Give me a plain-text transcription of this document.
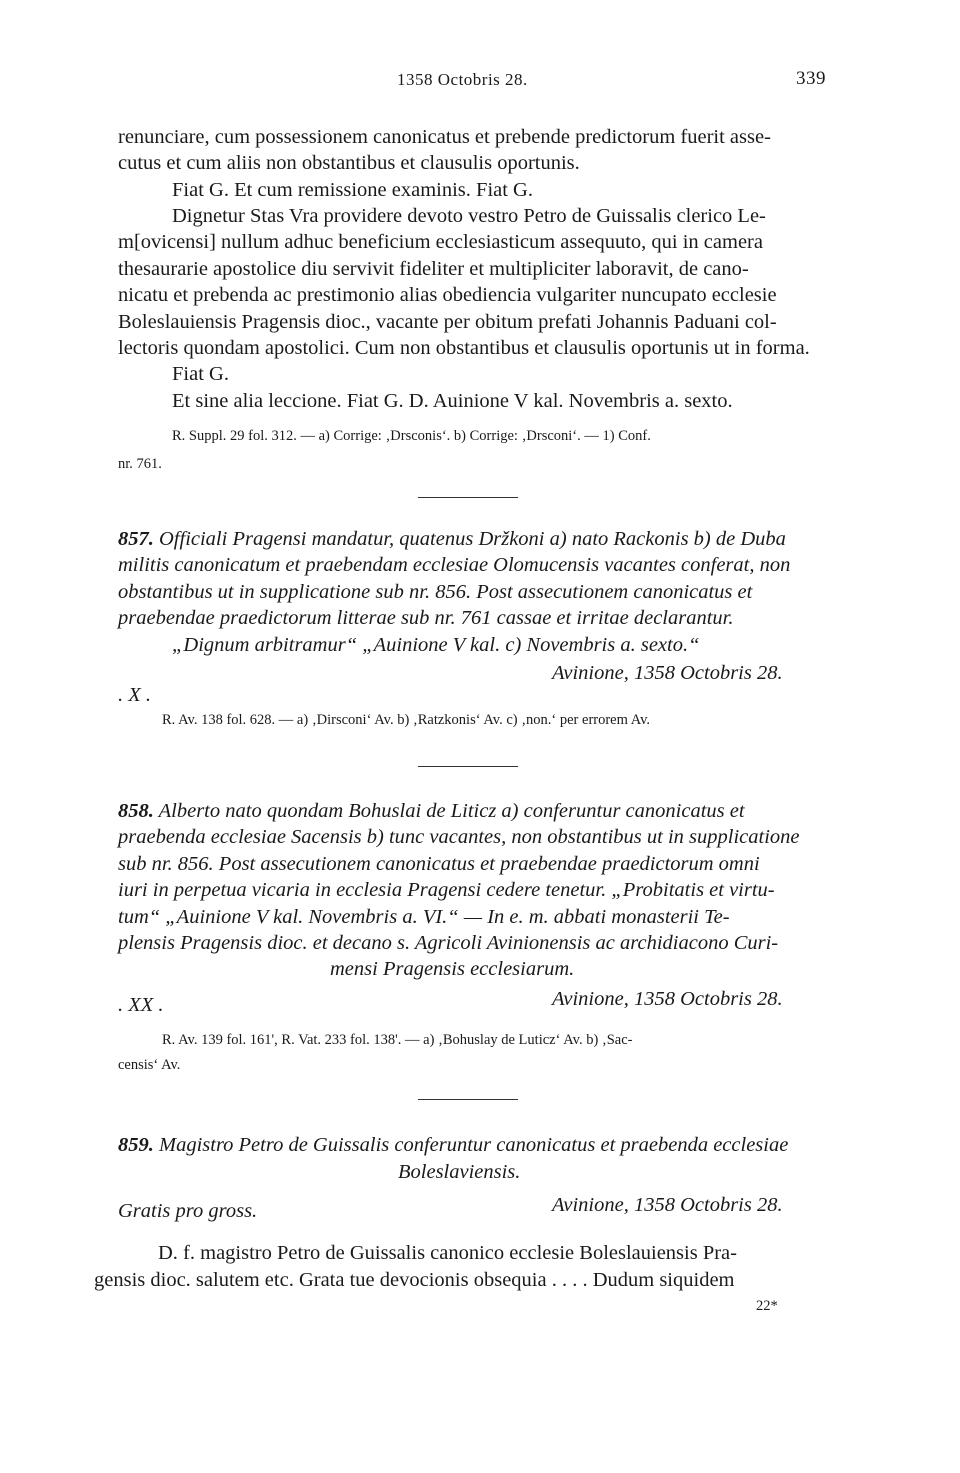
1358 Octobris 28.	339
renunciare, cum possessionem canonicatus et prebende predictorum fuerit asse-
cutus et cum aliis non obstantibus et clausulis oportunis.
Fiat G. Et cum remissione examinis. Fiat G.
Dignetur Stas Vra providere devoto vestro Petro de Guissalis clerico Le-
m[ovicensi] nullum adhuc beneficium ecclesiasticum assequuto, qui in camera
thesaurarie apostolice diu servivit fideliter et multipliciter laboravit, de cano-
nicatu et prebenda ac prestimonio alias obediencia vulgariter nuncupato ecclesie
Boleslauiensis Pragensis dioc., vacante per obitum prefati Johannis Paduani col-
lectoris quondam apostolici. Cum non obstantibus et clausulis oportunis ut in forma.
Fiat G.
Et sine alia leccione. Fiat G. D. Auinione V kal. Novembris a. sexto.
R. Suppl. 29 fol. 312. — a) Corrige: ‚Drsconis‘. b) Corrige: ‚Drsconi‘. — 1) Conf.
nr. 761.
857. Officiali Pragensi mandatur, quatenus Držkoni a) nato Rackonis b) de Duba
militis canonicatum et praebendam ecclesiae Olomucensis vacantes conferat, non
obstantibus ut in supplicatione sub nr. 856. Post assecutionem canonicatus et
praebendae praedictorum litterae sub nr. 761 cassae et irritae declarantur.
„Dignum arbitramur“ „Auinione V kal. c) Novembris a. sexto.“
. X .
Avinione, 1358 Octobris 28.
R. Av. 138 fol. 628. — a) ‚Dirsconi‘ Av. b) ‚Ratzkonis‘ Av. c) ‚non.‘ per errorem Av.
858. Alberto nato quondam Bohuslai de Liticz a) conferuntur canonicatus et
praebenda ecclesiae Sacensis b) tunc vacantes, non obstantibus ut in supplicatione
sub nr. 856. Post assecutionem canonicatus et praebendae praedictorum omni
iuri in perpetua vicaria in ecclesia Pragensi cedere tenetur. „Probitatis et virtu-
tum“ „Auinione V kal. Novembris a. VI.“ — In e. m. abbati monasterii Te-
plensis Pragensis dioc. et decano s. Agricoli Avinionensis ac archidiacono Curi-
mensi Pragensis ecclesiarum.
. XX .	Avinione, 1358 Octobris 28.
R. Av. 139 fol. 161', R. Vat. 233 fol. 138'. — a) ‚Bohuslay de Luticz‘ Av. b) ‚Sac-
censis‘ Av.
859. Magistro Petro de Guissalis conferuntur canonicatus et praebenda ecclesiae
Boleslaviensis.
Gratis pro gross.	Avinione, 1358 Octobris 28.
D. f. magistro Petro de Guissalis canonico ecclesie Boleslauiensis Pra-
gensis dioc. salutem etc. Grata tue devocionis obsequia . . . . Dudum siquidem
22*
